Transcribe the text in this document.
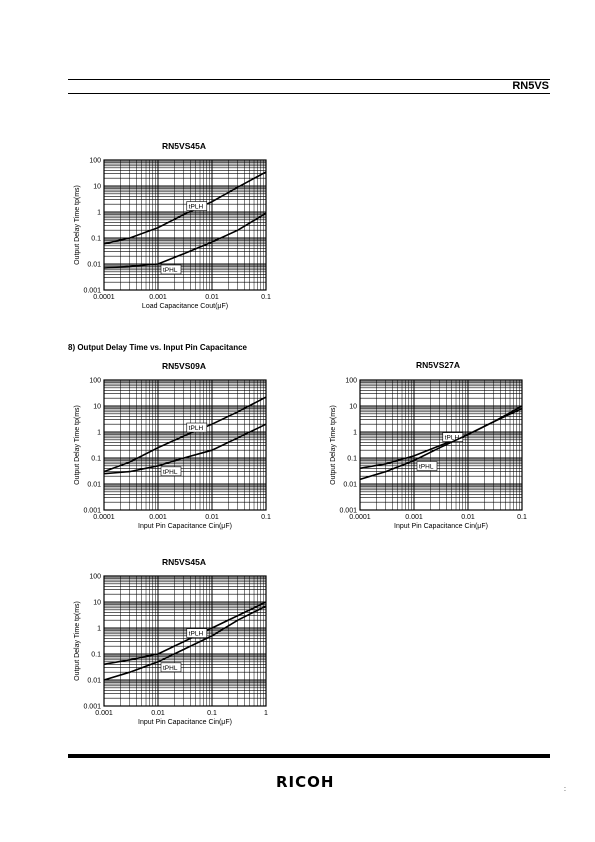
RN5VS
RN5VS45A
8) Output Delay Time vs. Input Pin Capacitance
RN5VS09A	RN5VS27A
RN5VS45A
0.0001	0.001	0.01	0.1
100
10
1
0.1
0.01
0.001
tPLH
tPHL
Load Capacitance Cout(μF)
Output Delay Time tp(ms)
0.0001	0.001	0.01	0.1
100
10
1
0.1
0.01
0.001
tPLH
tPHL
Input Pin Capacitance Cin(μF)
Output Delay Time tp(ms)
0.0001	0.001	0.01	0.1
100
10
1
0.1
0.01
0.001
tPLH
tPHL
Input Pin Capacitance Cin(μF)
Output Delay Time tp(ms)
0.001	0.01	0.1	1
100
10
1
0.1
0.01
0.001
tPLH
tPHL
Input Pin Capacitance Cin(μF)
Output Delay Time tp(ms)
RICOH	:
